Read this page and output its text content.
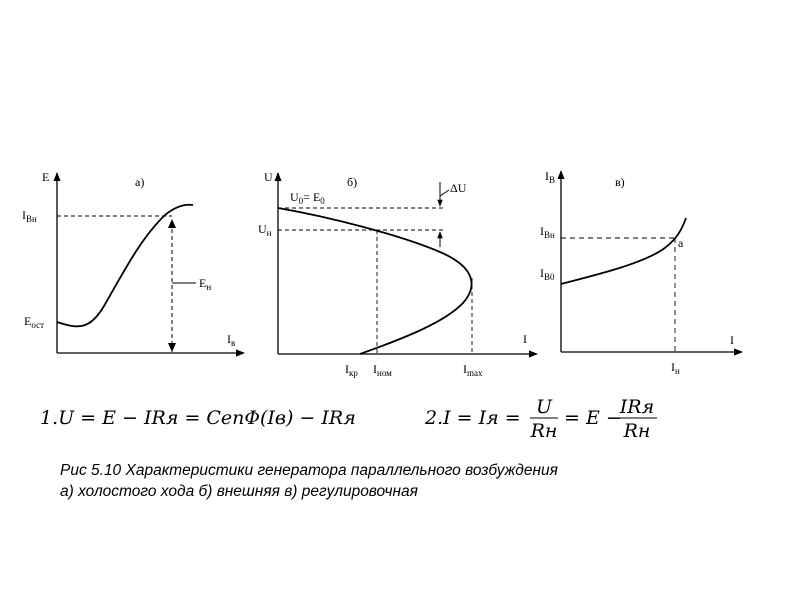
a)
E
$I_в$
$I_{Вн}$
$E_{ост}$
$E_н$
б)
U
I
$U_0= E_0$
$U_н$
ΔU
$I_{кр}$ $I_{ном}$	$I_{max}$
в)
$I_В$
I
$I_{Вн}$
$I_{В0}$
a
$I_н$
1.U = E − IRя = CenΦ(Iв) − IRя	2.I = Iя = U
Rн
= E −
IRя
Rн
Рис 5.10 Характеристики генератора параллельного возбуждения
а) холостого хода б) внешняя в) регулировочная
